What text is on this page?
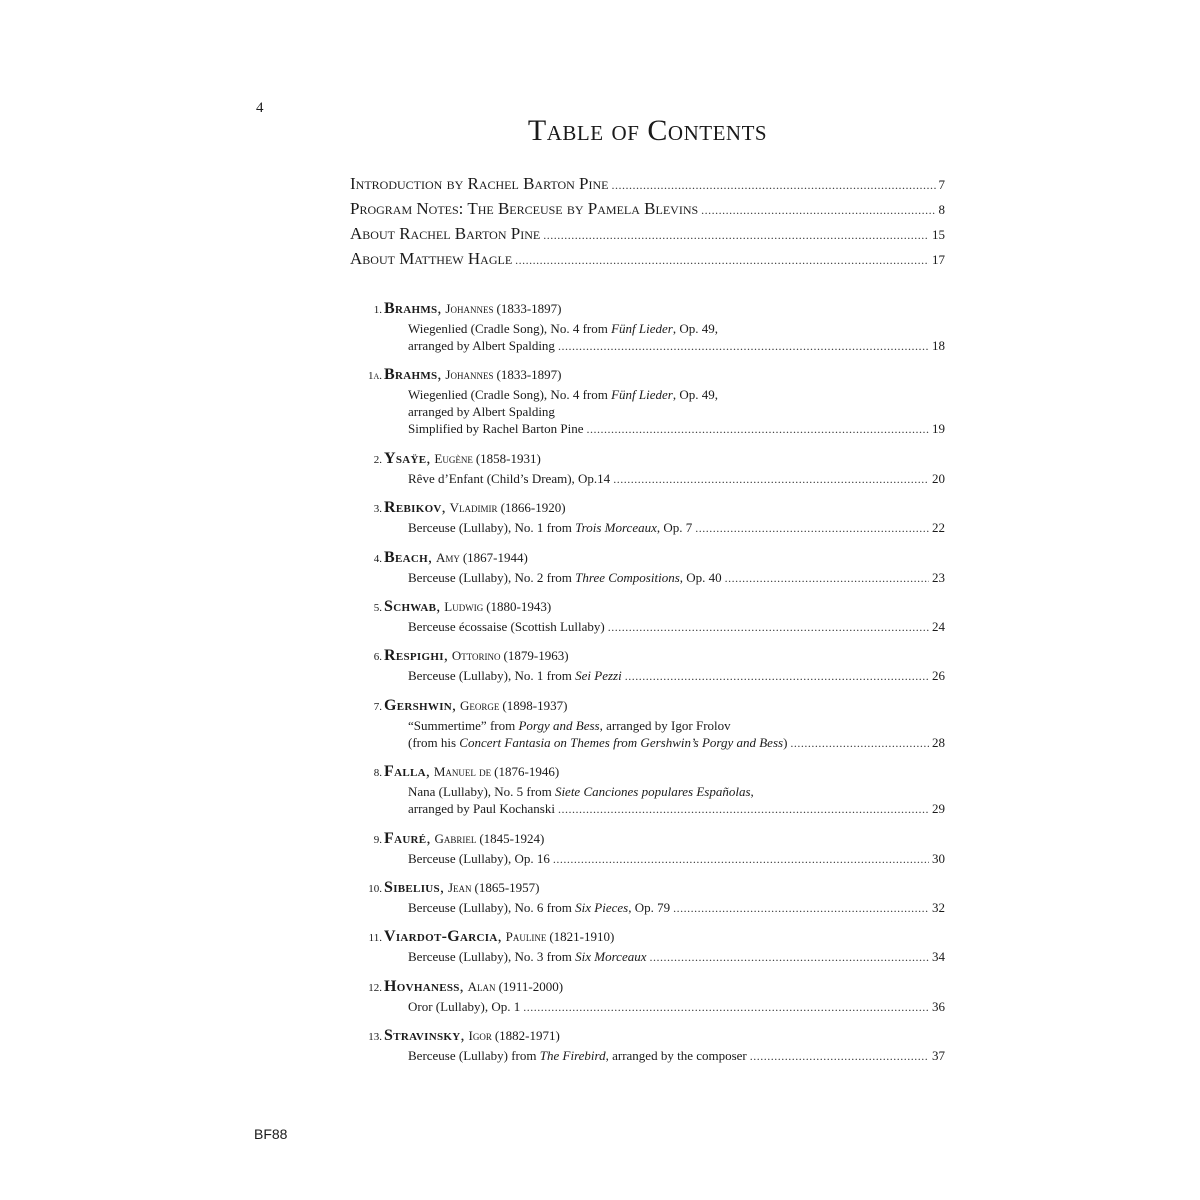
4
Table of Contents
Introduction by Rachel Barton Pine .....	7
Program Notes: The Berceuse by Pamela Blevins .....	8
About Rachel Barton Pine .....	15
About Matthew Hagle .....	17
1. Brahms, Johannes (1833-1897)
Wiegenlied (Cradle Song), No. 4 from Fünf Lieder, Op. 49,
arranged by Albert Spalding .....	18
1a. Brahms, Johannes (1833-1897)
Wiegenlied (Cradle Song), No. 4 from Fünf Lieder, Op. 49,
arranged by Albert Spalding
Simplified by Rachel Barton Pine .....	19
2. Ysaÿe, Eugène (1858-1931)
Rêve d’Enfant (Child’s Dream), Op.14 .....	20
3. Rebikov, Vladimir (1866-1920)
Berceuse (Lullaby), No. 1 from Trois Morceaux, Op. 7 .....	22
4. Beach, Amy (1867-1944)
Berceuse (Lullaby), No. 2 from Three Compositions, Op. 40 .....	23
5. Schwab, Ludwig (1880-1943)
Berceuse écossaise (Scottish Lullaby) .....	24
6. Respighi, Ottorino (1879-1963)
Berceuse (Lullaby), No. 1 from Sei Pezzi .....	26
7. Gershwin, George (1898-1937)
“Summertime” from Porgy and Bess, arranged by Igor Frolov
(from his Concert Fantasia on Themes from Gershwin’s Porgy and Bess) .....	28
8. Falla, Manuel de (1876-1946)
Nana (Lullaby), No. 5 from Siete Canciones populares Españolas,
arranged by Paul Kochanski .....	29
9. Fauré, Gabriel (1845-1924)
Berceuse (Lullaby), Op. 16 .....	30
10. Sibelius, Jean (1865-1957)
Berceuse (Lullaby), No. 6 from Six Pieces, Op. 79 .....	32
11. Viardot-Garcia, Pauline (1821-1910)
Berceuse (Lullaby), No. 3 from Six Morceaux .....	34
12. Hovhaness, Alan (1911-2000)
Oror (Lullaby), Op. 1 .....	36
13. Stravinsky, Igor (1882-1971)
Berceuse (Lullaby) from The Firebird, arranged by the composer .....	37
BF88
